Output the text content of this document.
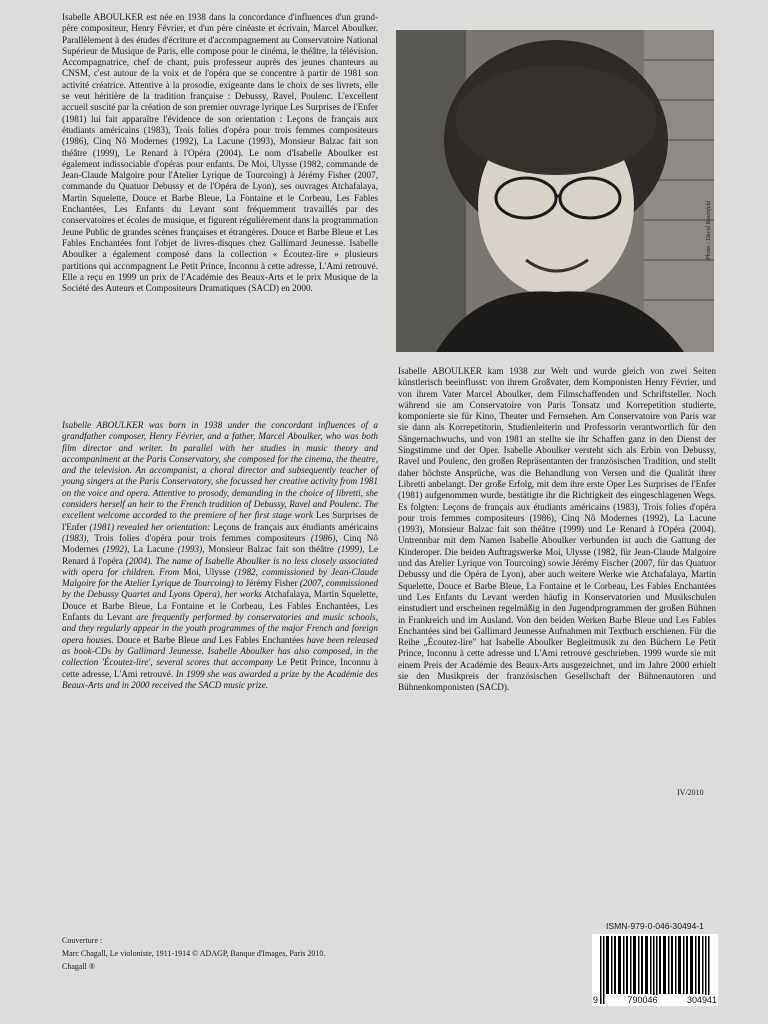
Isabelle ABOULKER est née en 1938 dans la concordance d'influences d'un grand-père compositeur, Henry Février, et d'un père cinéaste et écrivain, Marcel Aboulker. Parallèlement à des études d'écriture et d'accompagnement au Conservatoire National Supérieur de Musique de Paris, elle compose pour le cinéma, le théâtre, la télévision. Accompagnatrice, chef de chant, puis professeur auprès des jeunes chanteurs au CNSM, c'est autour de la voix et de l'opéra que se concentre à partir de 1981 son activité créatrice. Attentive à la prosodie, exigeante dans le choix de ses livrets, elle se veut héritière de la tradition française : Debussy, Ravel, Poulenc. L'excellent accueil suscité par la création de son premier ouvrage lyrique Les Surprises de l'Enfer (1981) lui fait apparaître l'évidence de son orientation : Leçons de français aux étudiants américains (1983), Trois folies d'opéra pour trois femmes compositeurs (1986), Cinq Nô Modernes (1992), La Lacune (1993), Monsieur Balzac fait son théâtre (1999), Le Renard à l'Opéra (2004). Le nom d'Isabelle Aboulker est également indissociable d'opéras pour enfants. De Moi, Ulysse (1982, commande de Jean-Claude Malgoire pour l'Atelier Lyrique de Tourcoing) à Jérémy Fisher (2007, commande du Quatuor Debussy et de l'Opéra de Lyon), ses ouvrages Atchafalaya, Martin Squelette, Douce et Barbe Bleue, La Fontaine et le Corbeau, Les Fables Enchantées, Les Enfants du Levant sont fréquemment travaillés par des conservatoires et écoles de musique, et figurent régulièrement dans la programmation Jeune Public de grandes scènes françaises et étrangères. Douce et Barbe Bleue et Les Fables Enchantées font l'objet de livres-disques chez Gallimard Jeunesse. Isabelle Aboulker a également composé dans la collection « Écoutez-lire » plusieurs partitions qui accompagnent Le Petit Prince, Inconnu à cette adresse, L'Ami retrouvé. Elle a reçu en 1999 un prix de l'Académie des Beaux-Arts et le prix Musique de la Société des Auteurs et Compositeurs Dramatiques (SACD) en 2000.

Isabelle ABOULKER was born in 1938 under the concordant influences of a grandfather composer, Henry Février, and a father, Marcel Aboulker, who was both film director and writer. In parallel with her studies in music theory and accompaniment at the Paris Conservatory, she composed for the cinema, the theatre, and the television. An accompanist, a choral director and subsequently teacher of young singers at the Paris Conservatory, she focussed her creative activity from 1981 on the voice and opera. Attentive to prosody, demanding in the choice of libretti, she considers herself an heir to the French tradition of Debussy, Ravel and Poulenc. The excellent welcome accorded to the premiere of her first stage work Les Surprises de l'Enfer (1981) revealed her orientation: Leçons de français aux étudiants américains (1983), Trois folies d'opéra pour trois femmes compositeurs (1986), Cinq Nô Modernes (1992), La Lacune (1993), Monsieur Balzac fait son théâtre (1999), Le Renard à l'opéra (2004). The name of Isabelle Aboulker is no less closely associated with opera for children. From Moi, Ulysse (1982, commissioned by Jean-Claude Malgoire for the Atelier Lyrique de Tourcoing) to Jérémy Fisher (2007, commissioned by the Debussy Quartet and Lyons Opera), her works Atchafalaya, Martin Squelette, Douce et Barbe Bleue, La Fontaine et le Corbeau, Les Fables Enchantées, Les Enfants du Levant are frequently performed by conservatories and music schools, and they regularly appear in the youth programmes of the major French and foreign opera houses. Douce et Barbe Bleue and Les Fables Enchantées have been released as book-CDs by Gallimard Jeunesse. Isabelle Aboulker has also composed, in the collection 'Écoutez-lire', several scores that accompany Le Petit Prince, Inconnu à cette adresse, L'Ami retrouvé. In 1999 she was awarded a prize by the Académie des Beaux-Arts and in 2000 received the SACD music prize.

Photo : David Rosenfeld

Isabelle ABOULKER kam 1938 zur Welt und wurde gleich von zwei Seiten künstlerisch beeinflusst: von ihrem Großvater, dem Komponisten Henry Février, und von ihrem Vater Marcel Aboulker, dem Filmschaffenden und Schriftsteller. Noch während sie am Conservatoire von Paris Tonsatz und Korrepetition studierte, komponierte sie für Kino, Theater und Fernsehen. Am Conservatoire von Paris war sie dann als Korrepetitorin, Studienleiterin und Professorin verantwortlich für den Sängernachwuchs, und von 1981 an stellte sie ihr Schaffen ganz in den Dienst der Singstimme und der Oper. Isabelle Aboulker versteht sich als Erbin von Debussy, Ravel und Poulenc, den großen Repräsentanten der französischen Tradition, und stellt daher höchste Ansprüche, was die Behandlung von Versen und die Qualität ihrer Libretti anbelangt. Der große Erfolg, mit dem ihre erste Oper Les Surprises de l'Enfer (1981) aufgenommen wurde, bestätigte ihr die Richtigkeit des eingeschlagenen Wegs. Es folgten: Leçons de français aux étudiants américains (1983), Trois folies d'opéra pour trois femmes compositeurs (1986), Cinq Nô Modernes (1992), La Lacune (1993), Monsieur Balzac fait son théâtre (1999) und Le Renard à l'Opéra (2004). Untrennbar mit dem Namen Isabelle Aboulker verbunden ist auch die Gattung der Kinderoper. Die beiden Auftragswerke Moi, Ulysse (1982, für Jean-Claude Malgoire und das Atelier Lyrique von Tourcoing) sowie Jérémy Fischer (2007, für das Quatuor Debussy und die Opéra de Lyon), aber auch weitere Werke wie Atchafalaya, Martin Squelette, Douce et Barbe Bleue, La Fontaine et le Corbeau, Les Fables Enchantées und Les Enfants du Levant werden häufig in Konservatorien und Musikschulen einstudiert und erscheinen regelmäßig in den Jugendprogrammen der großen Bühnen in Frankreich und im Ausland. Von den beiden Werken Barbe Bleue und Les Fables Enchantées sind bei Gallimard Jeunesse Aufnahmen mit Textbuch erschienen. Für die Reihe „Écoutez-lire" hat Isabelle Aboulker Begleitmusik zu den Büchern Le Petit Prince, Inconnu à cette adresse und L'Ami retrouvé geschrieben. 1999 wurde sie mit einem Preis der Académie des Beaux-Arts ausgezeichnet, und im Jahre 2000 erhielt sie den Musikpreis der französischen Gesellschaft der Bühnenautoren und Bühnenkomponisten (SACD).

IV/2010
Couverture :
Marc Chagall, Le violoniste, 1911-1914 © ADAGP, Banque d'Images, Paris 2010.
Chagall ®
ISMN-979-0-046-30494-1
9	790046	304941
